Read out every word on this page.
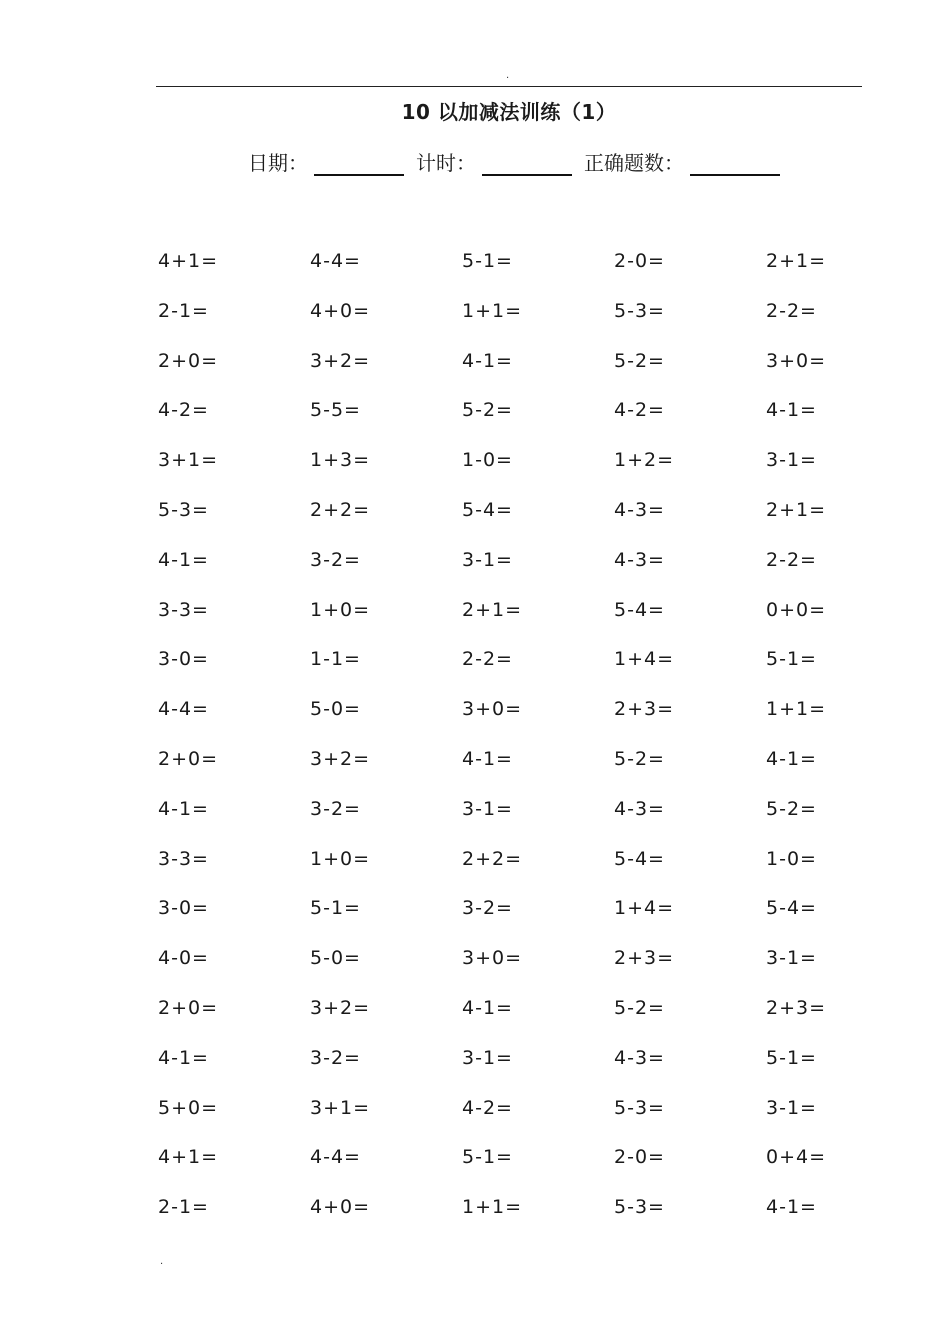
.
10 以加减法训练（1）
日期：	计时：	正确题数：
4+1=	4-4=	5-1=	2-0=	2+1=
2-1=	4+0=	1+1=	5-3=	2-2=
2+0=	3+2=	4-1=	5-2=	3+0=
4-2=	5-5=	5-2=	4-2=	4-1=
3+1=	1+3=	1-0=	1+2=	3-1=
5-3=	2+2=	5-4=	4-3=	2+1=
4-1=	3-2=	3-1=	4-3=	2-2=
3-3=	1+0=	2+1=	5-4=	0+0=
3-0=	1-1=	2-2=	1+4=	5-1=
4-4=	5-0=	3+0=	2+3=	1+1=
2+0=	3+2=	4-1=	5-2=	4-1=
4-1=	3-2=	3-1=	4-3=	5-2=
3-3=	1+0=	2+2=	5-4=	1-0=
3-0=	5-1=	3-2=	1+4=	5-4=
4-0=	5-0=	3+0=	2+3=	3-1=
2+0=	3+2=	4-1=	5-2=	2+3=
4-1=	3-2=	3-1=	4-3=	5-1=
5+0=	3+1=	4-2=	5-3=	3-1=
4+1=	4-4=	5-1=	2-0=	0+4=
2-1=	4+0=	1+1=	5-3=	4-1=
.
